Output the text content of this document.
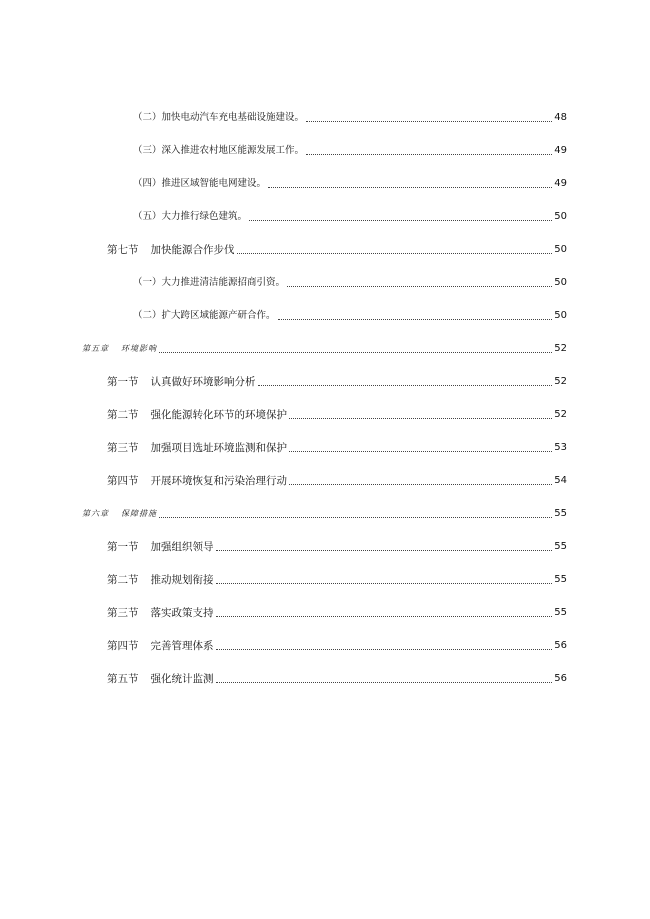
（二）加快电动汽车充电基础设施建设。	48
（三）深入推进农村地区能源发展工作。	49
（四）推进区域智能电网建设。	49
（五）大力推行绿色建筑。	50
第七节 加快能源合作步伐	50
（一）大力推进清洁能源招商引资。	50
（二）扩大跨区域能源产研合作。	50
第五章 环境影响	52
第一节 认真做好环境影响分析	52
第二节 强化能源转化环节的环境保护	52
第三节 加强项目选址环境监测和保护	53
第四节 开展环境恢复和污染治理行动	54
第六章 保障措施	55
第一节 加强组织领导	55
第二节 推动规划衔接	55
第三节 落实政策支持	55
第四节 完善管理体系	56
第五节 强化统计监测	56
